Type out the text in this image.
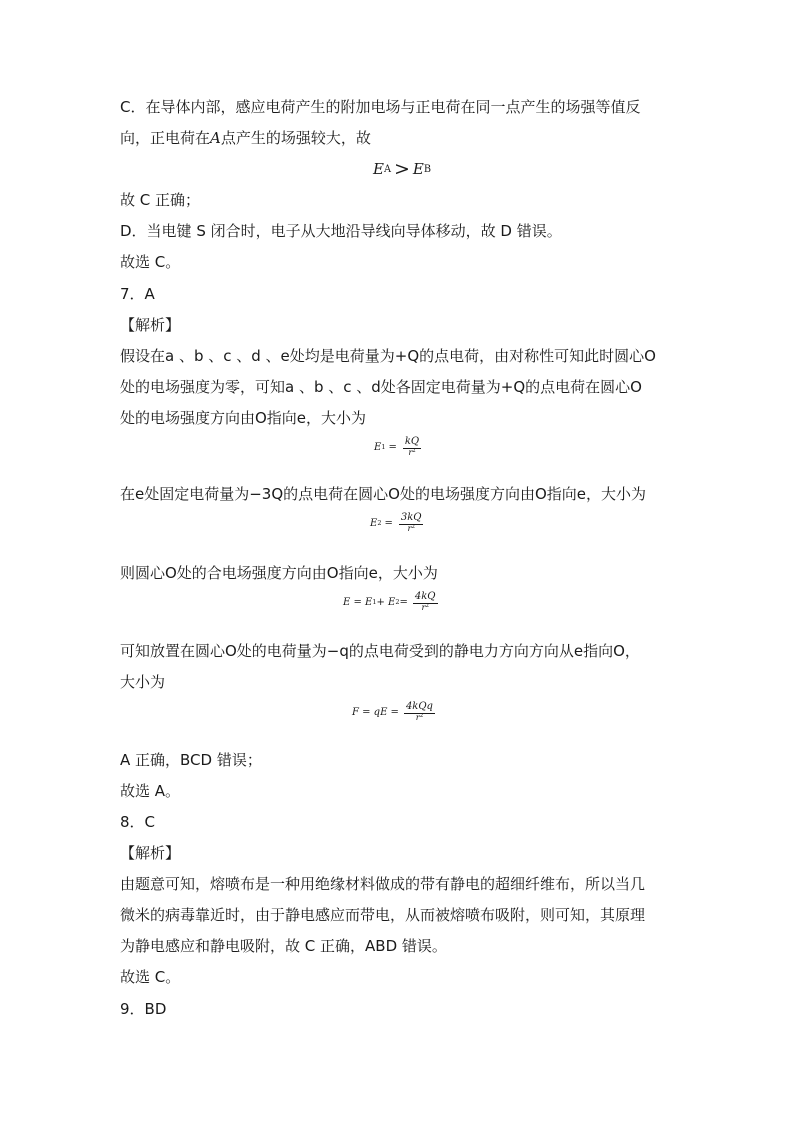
C．在导体内部，感应电荷产生的附加电场与正电荷在同一点产生的场强等值反
向，正电荷在A点产生的场强较大，故
E A > E B
故 C 正确；
D．当电键 S 闭合时，电子从大地沿导线向导体移动，故 D 错误。
故选 C。
7．A
【解析】
假设在a 、b 、c 、d 、e处均是电荷量为+Q的点电荷，由对称性可知此时圆心O
处的电场强度为零，可知a 、b 、c 、d处各固定电荷量为+Q的点电荷在圆心O
处的电场强度方向由O指向e，大小为
E $1 = \frac{kQ}{r^2}$
在e处固定电荷量为−3Q的点电荷在圆心O处的电场强度方向由O指向e，大小为
E $2 = \frac{3kQ}{r^2}$
则圆心O处的合电场强度方向由O指向e，大小为
E = E 1 + E $2 = \frac{4kQ}{r^2}$
可知放置在圆心O处的电荷量为−q的点电荷受到的静电力方向方向从e指向O，
大小为
F = qE = $\frac{\text{4kQq}}{r^2}$
A 正确，BCD 错误；
故选 A。
8．C
【解析】
由题意可知，熔喷布是一种用绝缘材料做成的带有静电的超细纤维布，所以当几
微米的病毒靠近时，由于静电感应而带电，从而被熔喷布吸附，则可知，其原理
为静电感应和静电吸附，故 C 正确，ABD 错误。
故选 C。
9．BD
